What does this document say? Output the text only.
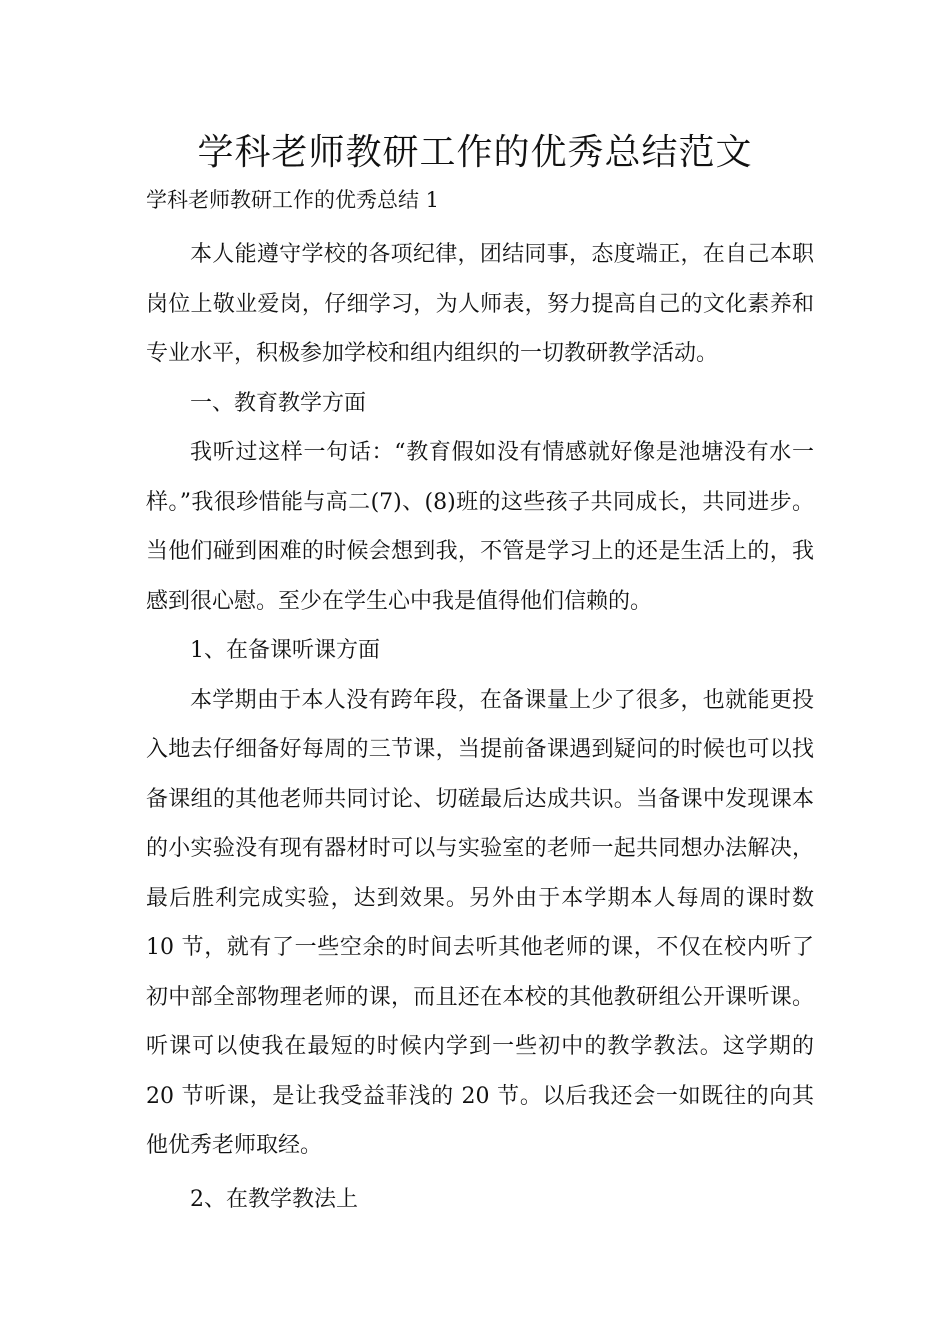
学科老师教研工作的优秀总结范文
学科老师教研工作的优秀总结 1

本人能遵守学校的各项纪律，团结同事，态度端正，在自己本职岗位上敬业爱岗，仔细学习，为人师表，努力提高自己的文化素养和专业水平，积极参加学校和组内组织的一切教研教学活动。

一、教育教学方面

我听过这样一句话：“教育假如没有情感就好像是池塘没有水一样。”我很珍惜能与高二(7)、(8)班的这些孩子共同成长，共同进步。当他们碰到困难的时候会想到我，不管是学习上的还是生活上的，我感到很心慰。至少在学生心中我是值得他们信赖的。

1、在备课听课方面

本学期由于本人没有跨年段，在备课量上少了很多，也就能更投入地去仔细备好每周的三节课，当提前备课遇到疑问的时候也可以找备课组的其他老师共同讨论、切磋最后达成共识。当备课中发现课本的小实验没有现有器材时可以与实验室的老师一起共同想办法解决，最后胜利完成实验，达到效果。另外由于本学期本人每周的课时数 10 节，就有了一些空余的时间去听其他老师的课，不仅在校内听了初中部全部物理老师的课，而且还在本校的其他教研组公开课听课。听课可以使我在最短的时候内学到一些初中的教学教法。这学期的 20 节听课，是让我受益菲浅的 20 节。以后我还会一如既往的向其他优秀老师取经。

2、在教学教法上
